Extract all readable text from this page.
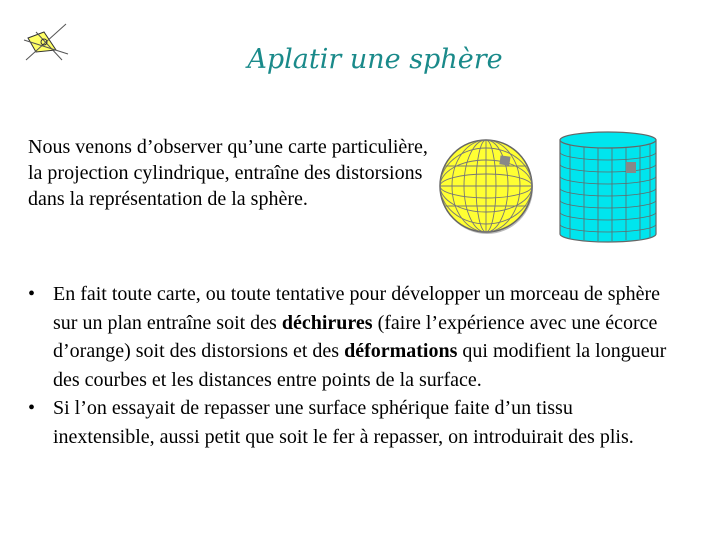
Aplatir une sphère
Nous venons d’observer qu’une carte particulière, la projection cylindrique, entraîne des distorsions dans la représentation de la sphère.
• En fait toute carte, ou toute tentative pour développer un morceau de sphère sur un plan entraîne soit des déchirures (faire l’expérience avec une écorce d’orange) soit des distorsions et des déformations qui modifient la longueur des courbes et les distances entre points de la surface.
• Si l’on essayait de repasser une surface sphérique faite d’un tissu inextensible, aussi petit que soit le fer à repasser, on introduirait des plis.
